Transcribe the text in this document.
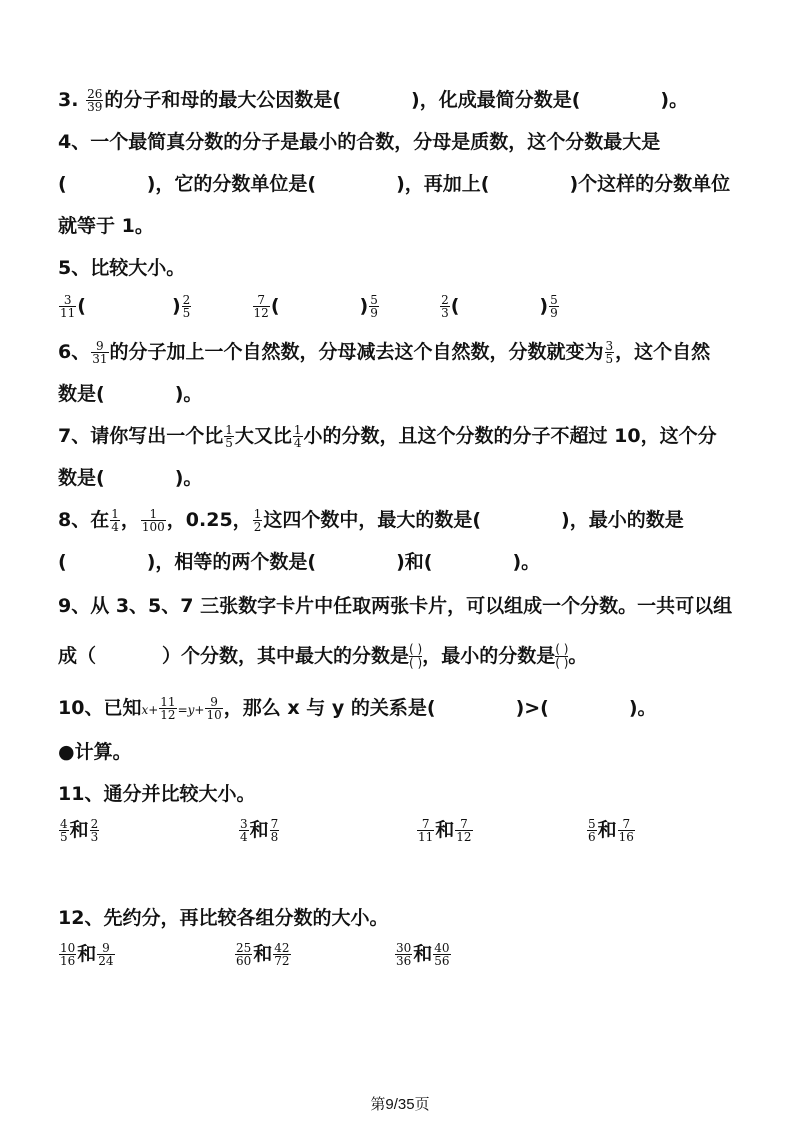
3. $\frac{26}{39}$ 的分子和母的最大公因数是(	)，化成最简分数是(	)。
4、一个最简真分数的分子是最小的合数，分母是质数，这个分数最大是
(	)，它的分数单位是(	)，再加上(	)个这样的分数单位
就等于 1。
5、比较大小。
$\frac{3}{11}$ (	) $\frac{2}{5}$
	$\frac{7}{12}$ (	) $\frac{5}{9}$
	$\frac{2}{3}$ (	) $\frac{5}{9}$
6、 $\frac{9}{31}$ 的分子加上一个自然数，分母减去这个自然数，分数就变为 $\frac{3}{5}$ ，这个自然
数是(	)。
7、请你写出一个比 $\frac{1}{5}$ 大又比 $\frac{1}{4}$ 小的分数，且这个分数的分子不超过 10，这个分
数是(	)。
8、在 $\frac{1}{4}$ ， $\frac{1}{100}$ ，0.25， $\frac{1}{2}$ 这四个数中，最大的数是(	)，最小的数是
(	)，相等的两个数是(	)和(	)。
9、从 3、5、7 三张数字卡片中任取两张卡片，可以组成一个分数。一共可以组
成（	）个分数，其中最大的分数是 ( )
( ) ，最小的分数是 ( )
( ) 。
10、已知$x+ \frac{11}{12} =y+ \frac{9}{10}$ ，那么 x 与 y 的关系是(	)>(	)。
●计算。
11、通分并比较大小。
$\frac{4}{5}$ 和 $\frac{2}{3}$	$\frac{3}{4}$ 和 $\frac{7}{8}$	$\frac{7}{11}$ 和 $\frac{7}{12}$	$\frac{5}{6}$ 和 $\frac{7}{16}$
12、先约分，再比较各组分数的大小。
$\frac{10}{16}$ 和 $\frac{9}{24}$	$\frac{25}{60}$ 和 $\frac{42}{72}$	$\frac{30}{36}$ 和 $\frac{40}{56}$
第9/35页
